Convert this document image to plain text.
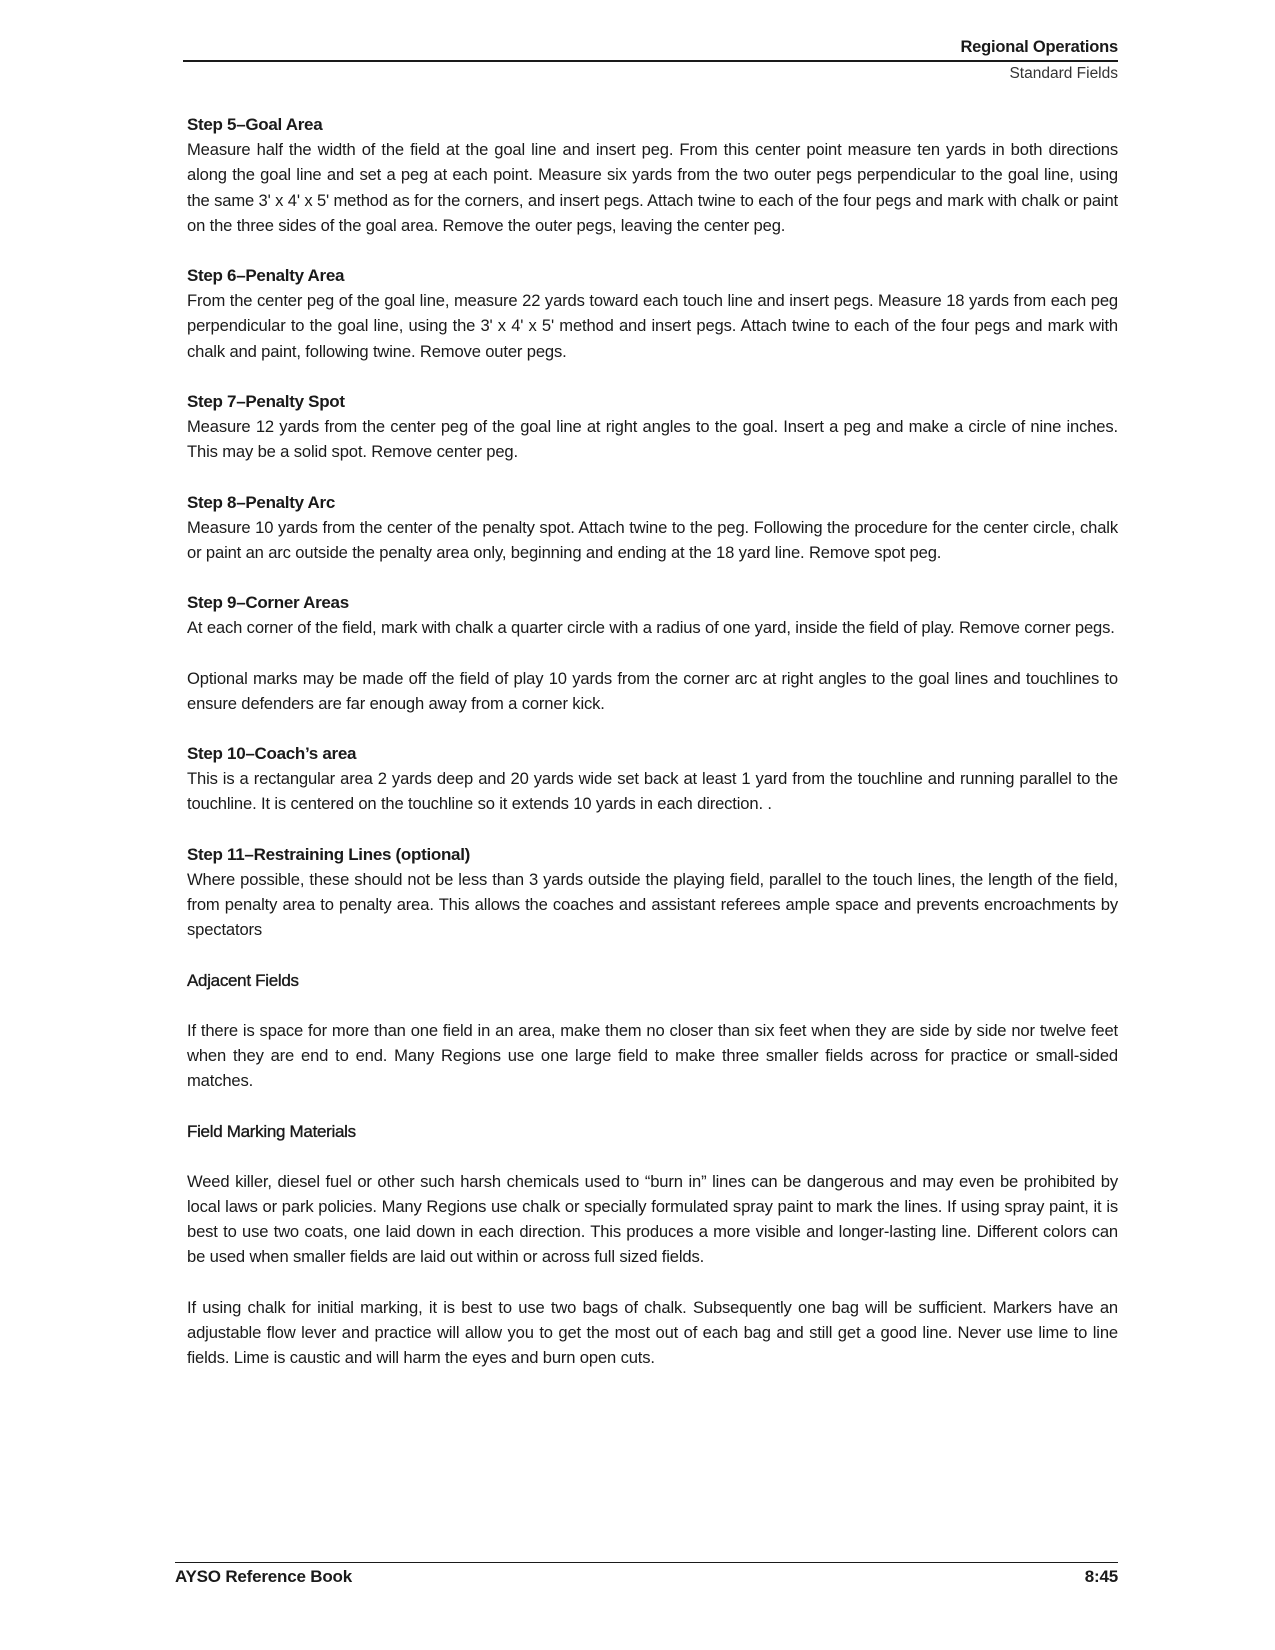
Regional Operations
Standard Fields

Step 5–Goal Area

Measure half the width of the field at the goal line and insert peg. From this center point measure ten yards in both directions along the goal line and set a peg at each point. Measure six yards from the two outer pegs perpendicular to the goal line, using the same 3' x 4' x 5' method as for the corners, and insert pegs. Attach twine to each of the four pegs and mark with chalk or paint on the three sides of the goal area. Remove the outer pegs, leaving the center peg.

Step 6–Penalty Area

From the center peg of the goal line, measure 22 yards toward each touch line and insert pegs. Measure 18 yards from each peg perpendicular to the goal line, using the 3' x 4' x 5' method and insert pegs. Attach twine to each of the four pegs and mark with chalk and paint, following twine. Remove outer pegs.

Step 7–Penalty Spot

Measure 12 yards from the center peg of the goal line at right angles to the goal. Insert a peg and make a circle of nine inches. This may be a solid spot. Remove center peg.

Step 8–Penalty Arc

Measure 10 yards from the center of the penalty spot. Attach twine to the peg. Following the procedure for the center circle, chalk or paint an arc outside the penalty area only, beginning and ending at the 18 yard line. Remove spot peg.

Step 9–Corner Areas

At each corner of the field, mark with chalk a quarter circle with a radius of one yard, inside the field of play. Remove corner pegs.

Optional marks may be made off the field of play 10 yards from the corner arc at right angles to the goal lines and touchlines to ensure defenders are far enough away from a corner kick.

Step 10–Coach’s area

This is a rectangular area 2 yards deep and 20 yards wide set back at least 1 yard from the touchline and running parallel to the touchline. It is centered on the touchline so it extends 10 yards in each direction. .

Step 11–Restraining Lines (optional)

Where possible, these should not be less than 3 yards outside the playing field, parallel to the touch lines, the length of the field, from penalty area to penalty area. This allows the coaches and assistant referees ample space and prevents encroachments by spectators

Adjacent Fields

If there is space for more than one field in an area, make them no closer than six feet when they are side by side nor twelve feet when they are end to end. Many Regions use one large field to make three smaller fields across for practice or small-sided matches.

Field Marking Materials

Weed killer, diesel fuel or other such harsh chemicals used to “burn in” lines can be dangerous and may even be prohibited by local laws or park policies. Many Regions use chalk or specially formulated spray paint to mark the lines. If using spray paint, it is best to use two coats, one laid down in each direction. This produces a more visible and longer-lasting line. Different colors can be used when smaller fields are laid out within or across full sized fields.

If using chalk for initial marking, it is best to use two bags of chalk. Subsequently one bag will be sufficient. Markers have an adjustable flow lever and practice will allow you to get the most out of each bag and still get a good line. Never use lime to line fields. Lime is caustic and will harm the eyes and burn open cuts.

AYSO Reference Book	8:45
